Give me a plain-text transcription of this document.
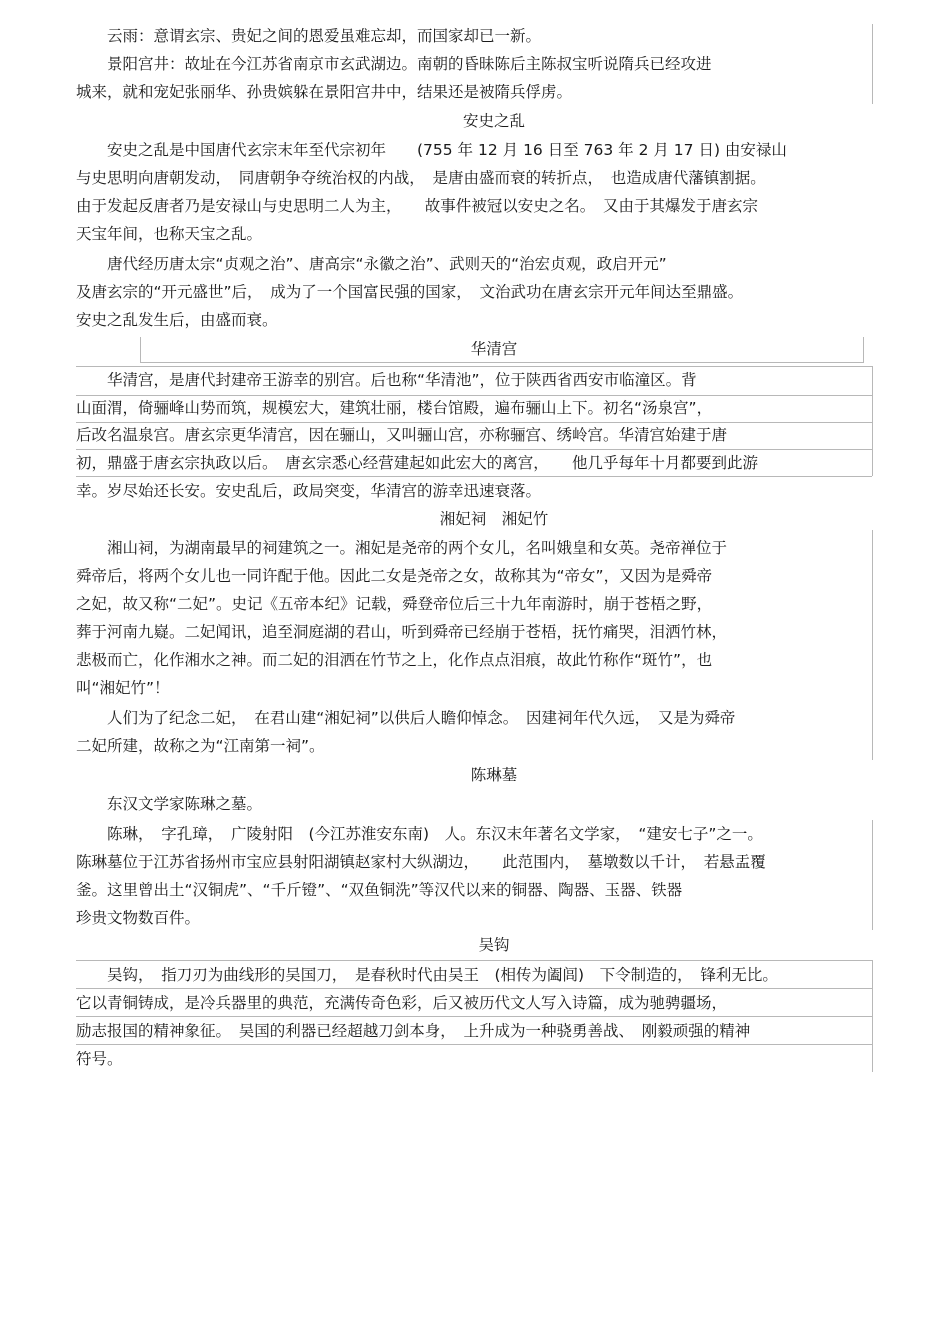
　　云雨：意谓玄宗、贵妃之间的恩爱虽难忘却，而国家却已一新。
　　景阳宫井：故址在今江苏省南京市玄武湖边。南朝的昏昧陈后主陈叔宝听说隋兵已经攻进
城来，就和宠妃张丽华、孙贵嫔躲在景阳宫井中，结果还是被隋兵俘虏。
安史之乱
　　安史之乱是中国唐代玄宗末年至代宗初年　　(755 年 12 月 16 日至 763 年 2 月 17 日) 由安禄山
与史思明向唐朝发动，　同唐朝争夺统治权的内战，　是唐由盛而衰的转折点，　也造成唐代藩镇割据。
由于发起反唐者乃是安禄山与史思明二人为主，　　故事件被冠以安史之名。　又由于其爆发于唐玄宗
天宝年间，也称天宝之乱。
　　唐代经历唐太宗“贞观之治”、唐高宗“永徽之治”、武则天的“治宏贞观，政启开元”
及唐玄宗的“开元盛世”后，　成为了一个国富民强的国家，　文治武功在唐玄宗开元年间达至鼎盛。
安史之乱发生后，由盛而衰。
华清宫
　　华清宫，是唐代封建帝王游幸的别宫。后也称“华清池”，位于陕西省西安市临潼区。背
山面渭，倚骊峰山势而筑，规模宏大，建筑壮丽，楼台馆殿，遍布骊山上下。初名“汤泉宫”，
后改名温泉宫。唐玄宗更华清宫，因在骊山，又叫骊山宫，亦称骊宫、绣岭宫。华清宫始建于唐
初，鼎盛于唐玄宗执政以后。　唐玄宗悉心经营建起如此宏大的离宫，　　他几乎每年十月都要到此游
幸。岁尽始还长安。安史乱后，政局突变，华清宫的游幸迅速衰落。
湘妃祠　湘妃竹
　　湘山祠，为湖南最早的祠建筑之一。湘妃是尧帝的两个女儿，名叫娥皇和女英。尧帝禅位于
舜帝后，将两个女儿也一同许配于他。因此二女是尧帝之女，故称其为“帝女”，又因为是舜帝
之妃，故又称“二妃”。史记《五帝本纪》记载，舜登帝位后三十九年南游时，崩于苍梧之野，
葬于河南九嶷。二妃闻讯，追至洞庭湖的君山，听到舜帝已经崩于苍梧，抚竹痛哭，泪洒竹林，
悲极而亡，化作湘水之神。而二妃的泪洒在竹节之上，化作点点泪痕，故此竹称作“斑竹”，也
叫“湘妃竹”！
　　人们为了纪念二妃，　在君山建“湘妃祠”以供后人瞻仰悼念。　因建祠年代久远，　又是为舜帝
二妃所建，故称之为“江南第一祠”。
陈琳墓
　　东汉文学家陈琳之墓。
　　陈琳，　字孔璋，　广陵射阳　(今江苏淮安东南)　人。东汉末年著名文学家，　“建安七子”之一。
陈琳墓位于江苏省扬州市宝应县射阳湖镇赵家村大纵湖边，　　此范围内，　墓墩数以千计，　若悬盂覆
釜。这里曾出土“汉铜虎”、“千斤镫”、“双鱼铜洗”等汉代以来的铜器、陶器、玉器、铁器
珍贵文物数百件。
吴钩
　　吴钩，　指刀刃为曲线形的吴国刀，　是春秋时代由吴王　(相传为阖闾)　下令制造的，　锋利无比。
它以青铜铸成，是冷兵器里的典范，充满传奇色彩，后又被历代文人写入诗篇，成为驰骋疆场，
励志报国的精神象征。　吴国的利器已经超越刀剑本身，　上升成为一种骁勇善战、　刚毅顽强的精神
符号。
